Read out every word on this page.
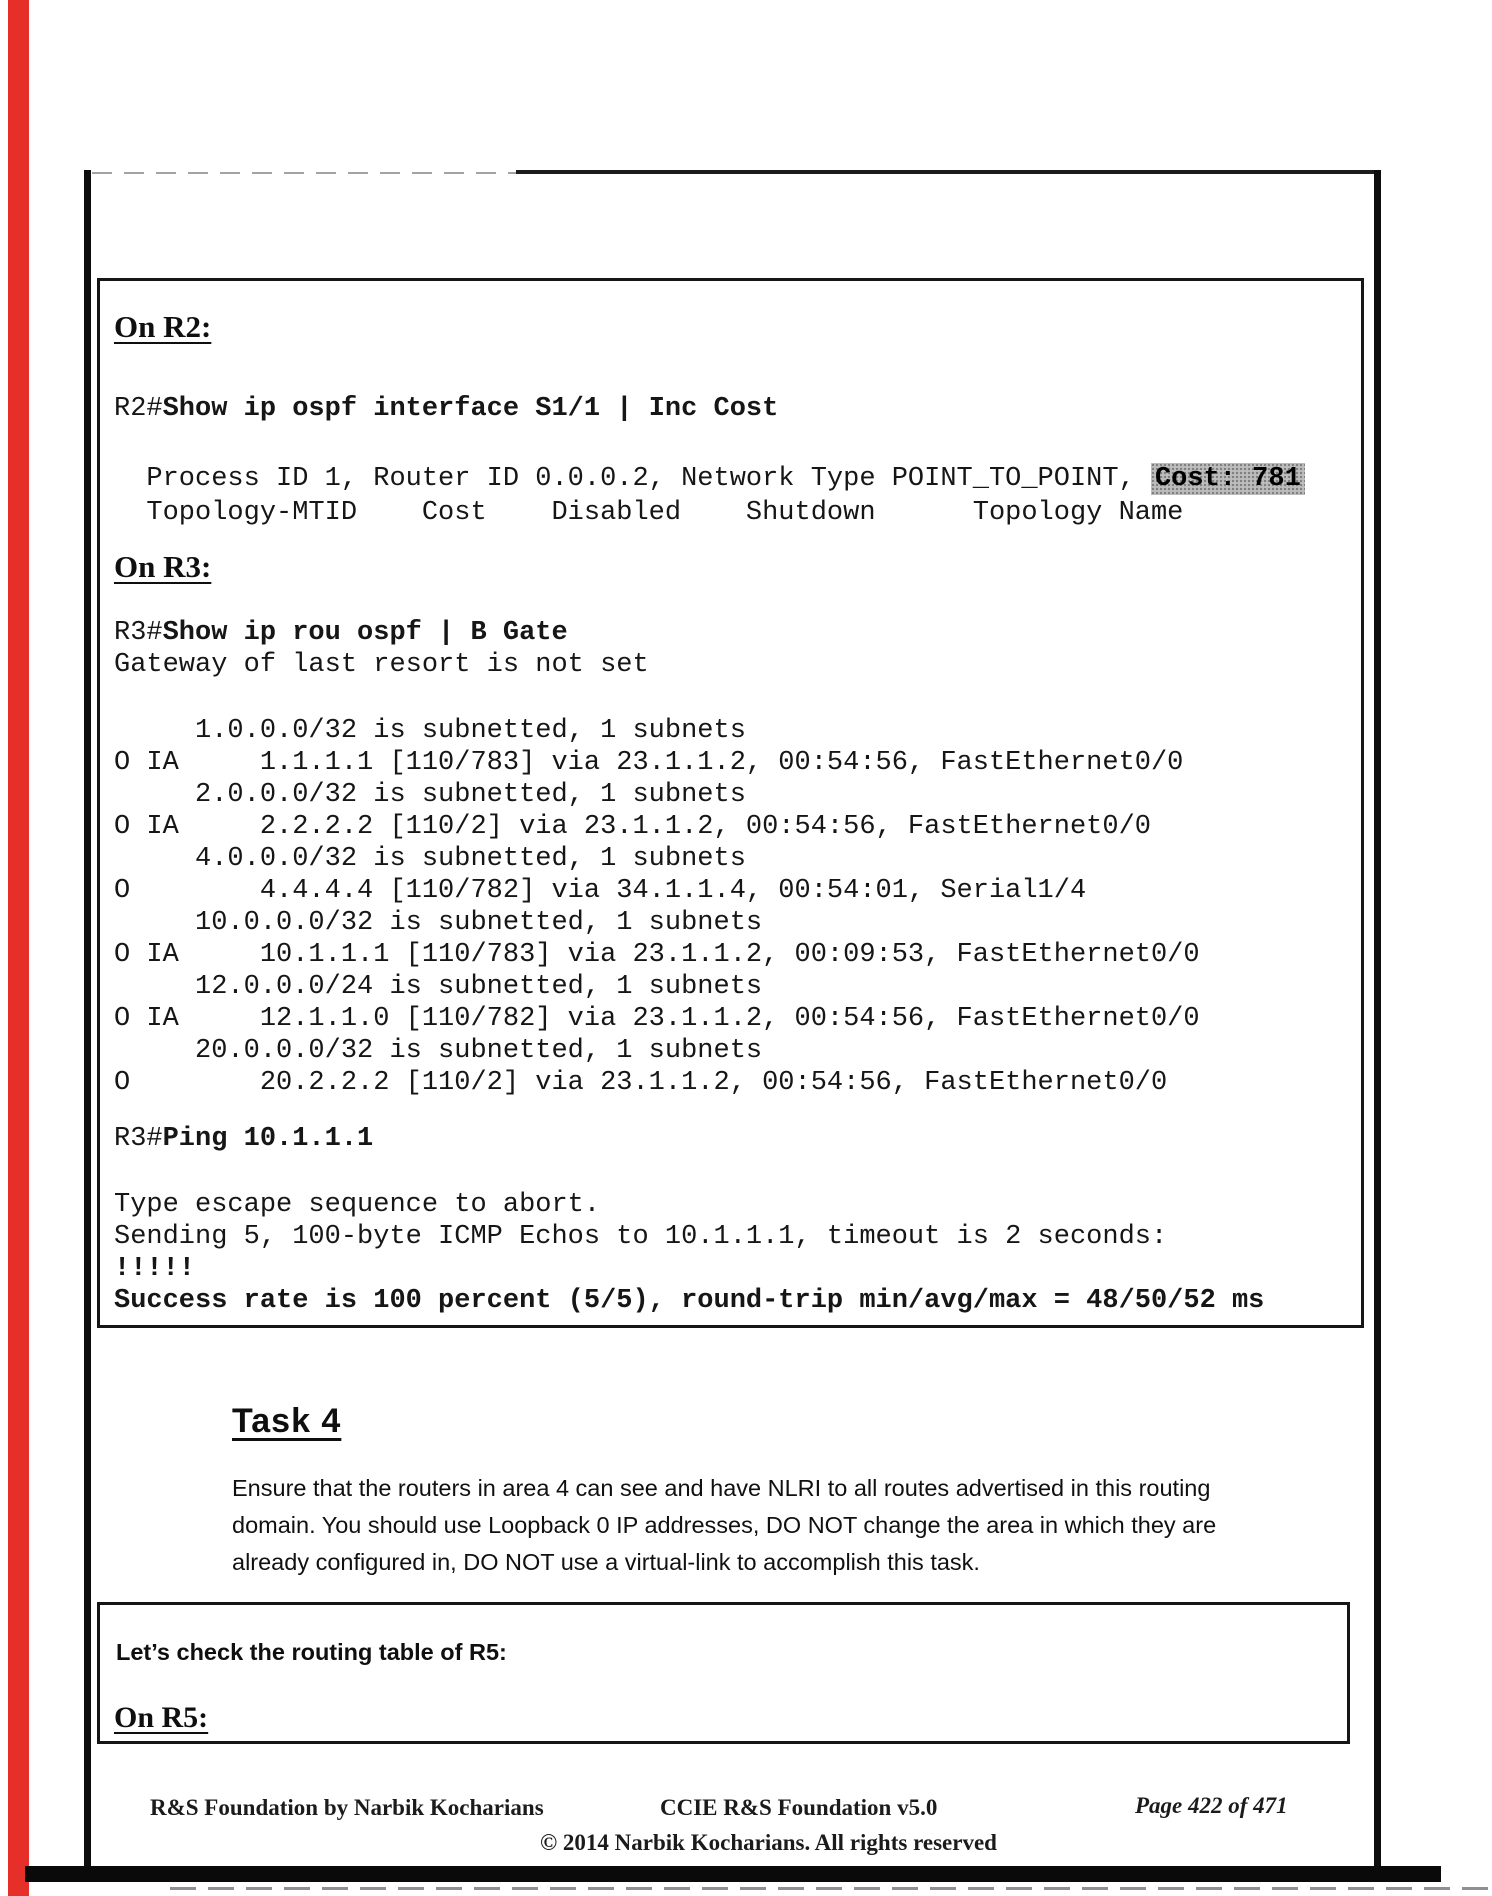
On R2:
R2#Show ip ospf interface S1/1 | Inc Cost
Process ID 1, Router ID 0.0.0.2, Network Type POINT_TO_POINT, Cost: 781
Topology-MTID    Cost    Disabled    Shutdown      Topology Name
On R3:
R3#Show ip rou ospf | B Gate
Gateway of last resort is not set
1.0.0.0/32 is subnetted, 1 subnets
O IA     1.1.1.1 [110/783] via 23.1.1.2, 00:54:56, FastEthernet0/0
2.0.0.0/32 is subnetted, 1 subnets
O IA     2.2.2.2 [110/2] via 23.1.1.2, 00:54:56, FastEthernet0/0
4.0.0.0/32 is subnetted, 1 subnets
O        4.4.4.4 [110/782] via 34.1.1.4, 00:54:01, Serial1/4
10.0.0.0/32 is subnetted, 1 subnets
O IA     10.1.1.1 [110/783] via 23.1.1.2, 00:09:53, FastEthernet0/0
12.0.0.0/24 is subnetted, 1 subnets
O IA     12.1.1.0 [110/782] via 23.1.1.2, 00:54:56, FastEthernet0/0
20.0.0.0/32 is subnetted, 1 subnets
O        20.2.2.2 [110/2] via 23.1.1.2, 00:54:56, FastEthernet0/0
R3#Ping 10.1.1.1
Type escape sequence to abort.
Sending 5, 100-byte ICMP Echos to 10.1.1.1, timeout is 2 seconds:
!!!!!
Success rate is 100 percent (5/5), round-trip min/avg/max = 48/50/52 ms
Task 4

Ensure that the routers in area 4 can see and have NLRI to all routes advertised in this routing domain. You should use Loopback 0 IP addresses, DO NOT change the area in which they are already configured in, DO NOT use a virtual-link to accomplish this task.

Let’s check the routing table of R5:

On R5:

R&S Foundation by Narbik Kocharians	CCIE R&S Foundation v5.0	Page 422 of 471

© 2014 Narbik Kocharians. All rights reserved
